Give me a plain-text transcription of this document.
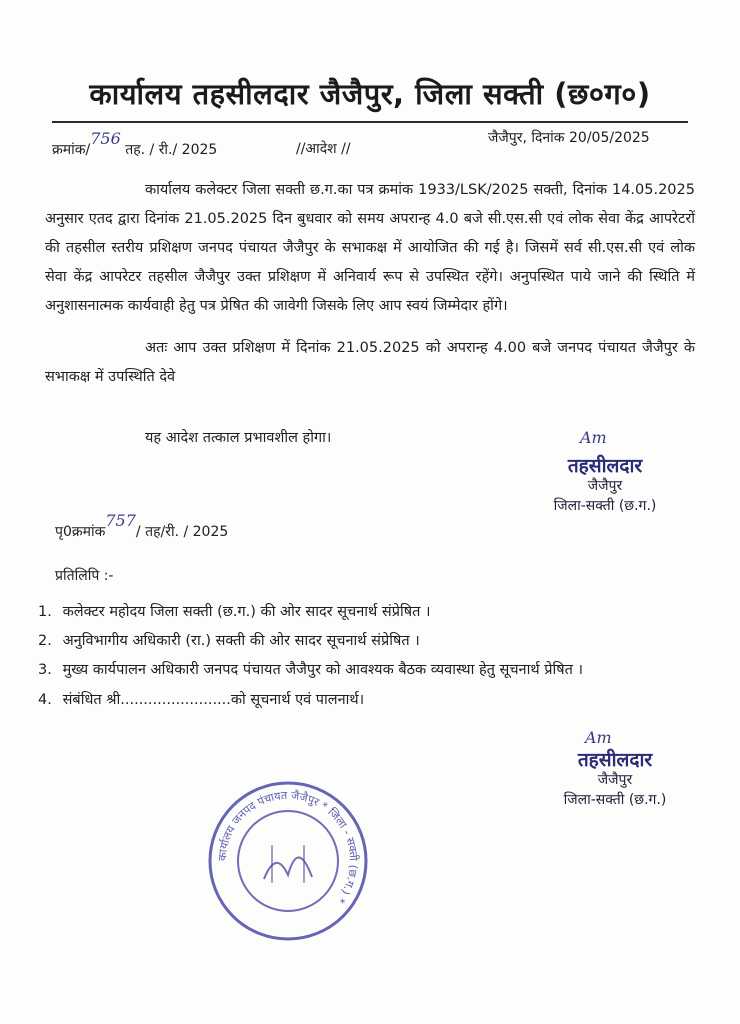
कार्यालय तहसीलदार जैजैपुर, जिला सक्ती (छ०ग०)
क्रमांक/756 तह. / री./ 2025	//आदेश //
जैजैपुर, दिनांक 20/05/2025
कार्यालय कलेक्टर जिला सक्ती छ.ग.का पत्र क्रमांक 1933/LSK/2025 सक्ती, दिनांक 14.05.2025 अनुसार एतद द्वारा दिनांक 21.05.2025 दिन बुधवार को समय अपरान्ह 4.0 बजे सी.एस.सी एवं लोक सेवा केंद्र आपरेटरों की तहसील स्तरीय प्रशिक्षण जनपद पंचायत जैजैपुर के सभाकक्ष में आयोजित की गई है। जिसमें सर्व सी.एस.सी एवं लोक सेवा केंद्र आपरेटर तहसील जैजैपुर उक्त प्रशिक्षण में अनिवार्य रूप से उपस्थित रहेंगे। अनुपस्थित पाये जाने की स्थिति में अनुशासनात्मक कार्यवाही हेतु पत्र प्रेषित की जावेगी जिसके लिए आप स्वयं जिम्मेदार होंगे।
अतः आप उक्त प्रशिक्षण में दिनांक 21.05.2025 को अपरान्ह 4.00 बजे जनपद पंचायत जैजैपुर के सभाकक्ष में उपस्थिति देवे
यह आदेश तत्काल प्रभावशील होगा।	Am
तहसीलदार
जैजैपुर
जिला-सक्ती (छ.ग.)
पृ0क्रमांक757/ तह/री. / 2025
प्रतिलिपि :-
1. कलेक्टर महोदय जिला सक्ती (छ.ग.) की ओर सादर सूचनार्थ संप्रेषित ।
2. अनुविभागीय अधिकारी (रा.) सक्ती की ओर सादर सूचनार्थ संप्रेषित ।
3. मुख्य कार्यपालन अधिकारी जनपद पंचायत जैजैपुर को आवश्यक बैठक व्यवास्था हेतु सूचनार्थ प्रेषित ।
4. संबंधित श्री........................को सूचनार्थ एवं पालनार्थ।
Am
तहसीलदार
जैजैपुर
जिला-सक्ती (छ.ग.)
कार्यालय जनपद पंचायत जैजैपुर * जिला - सक्ती (छ.ग.) *
